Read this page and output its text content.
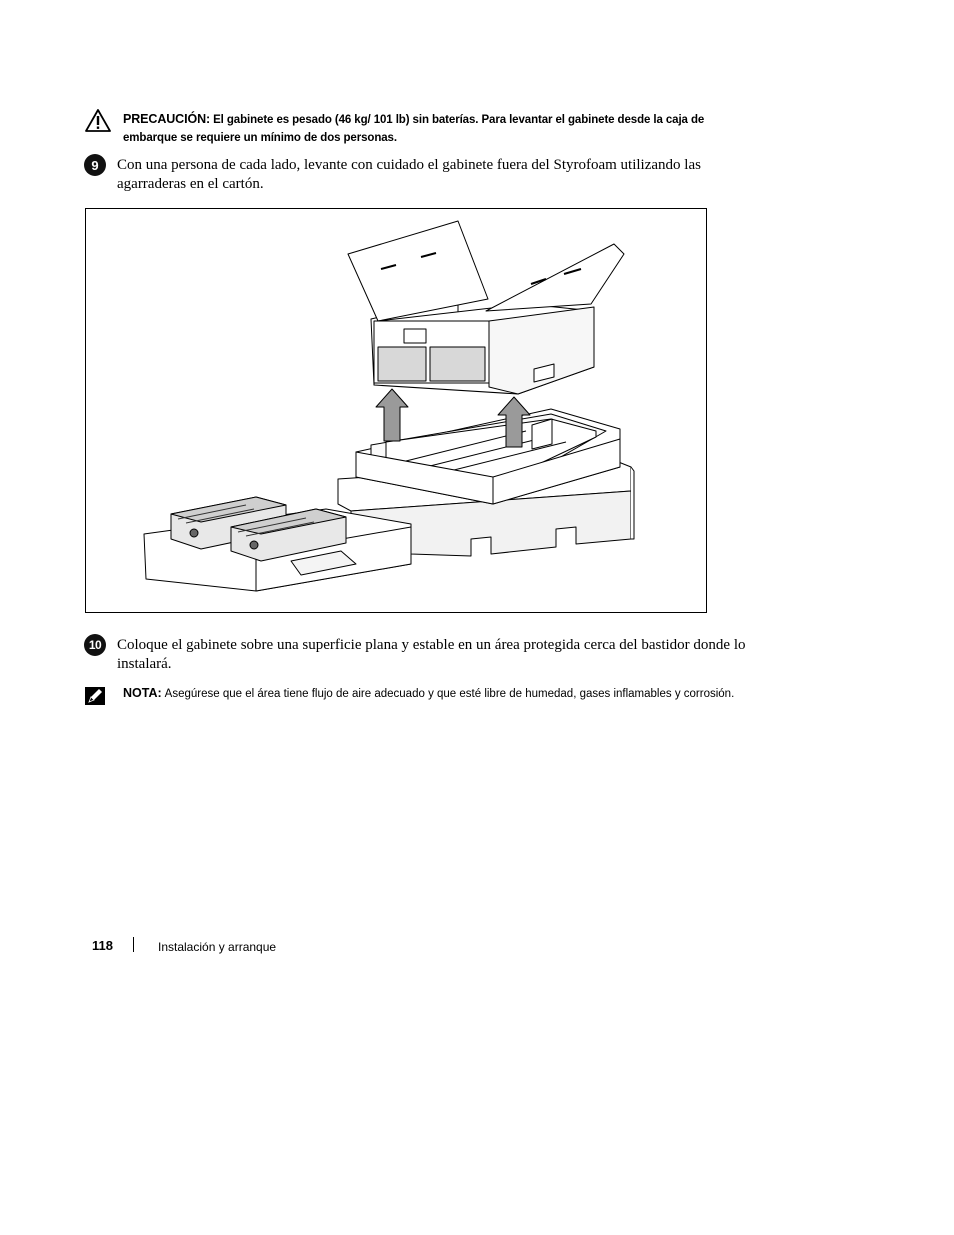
PRECAUCIÓN: El gabinete es pesado (46 kg/ 101 lb) sin baterías. Para levantar el gabinete desde la caja de embarque se requiere un mínimo de dos personas.
9	Con una persona de cada lado, levante con cuidado el gabinete fuera del Styrofoam utilizando las agarraderas en el cartón.
10	Coloque el gabinete sobre una superficie plana y estable en un área protegida cerca del bastidor donde lo instalará.
NOTA: Asegúrese que el área tiene flujo de aire adecuado y que esté libre de humedad, gases inflamables y corrosión.
118	Instalación y arranque
